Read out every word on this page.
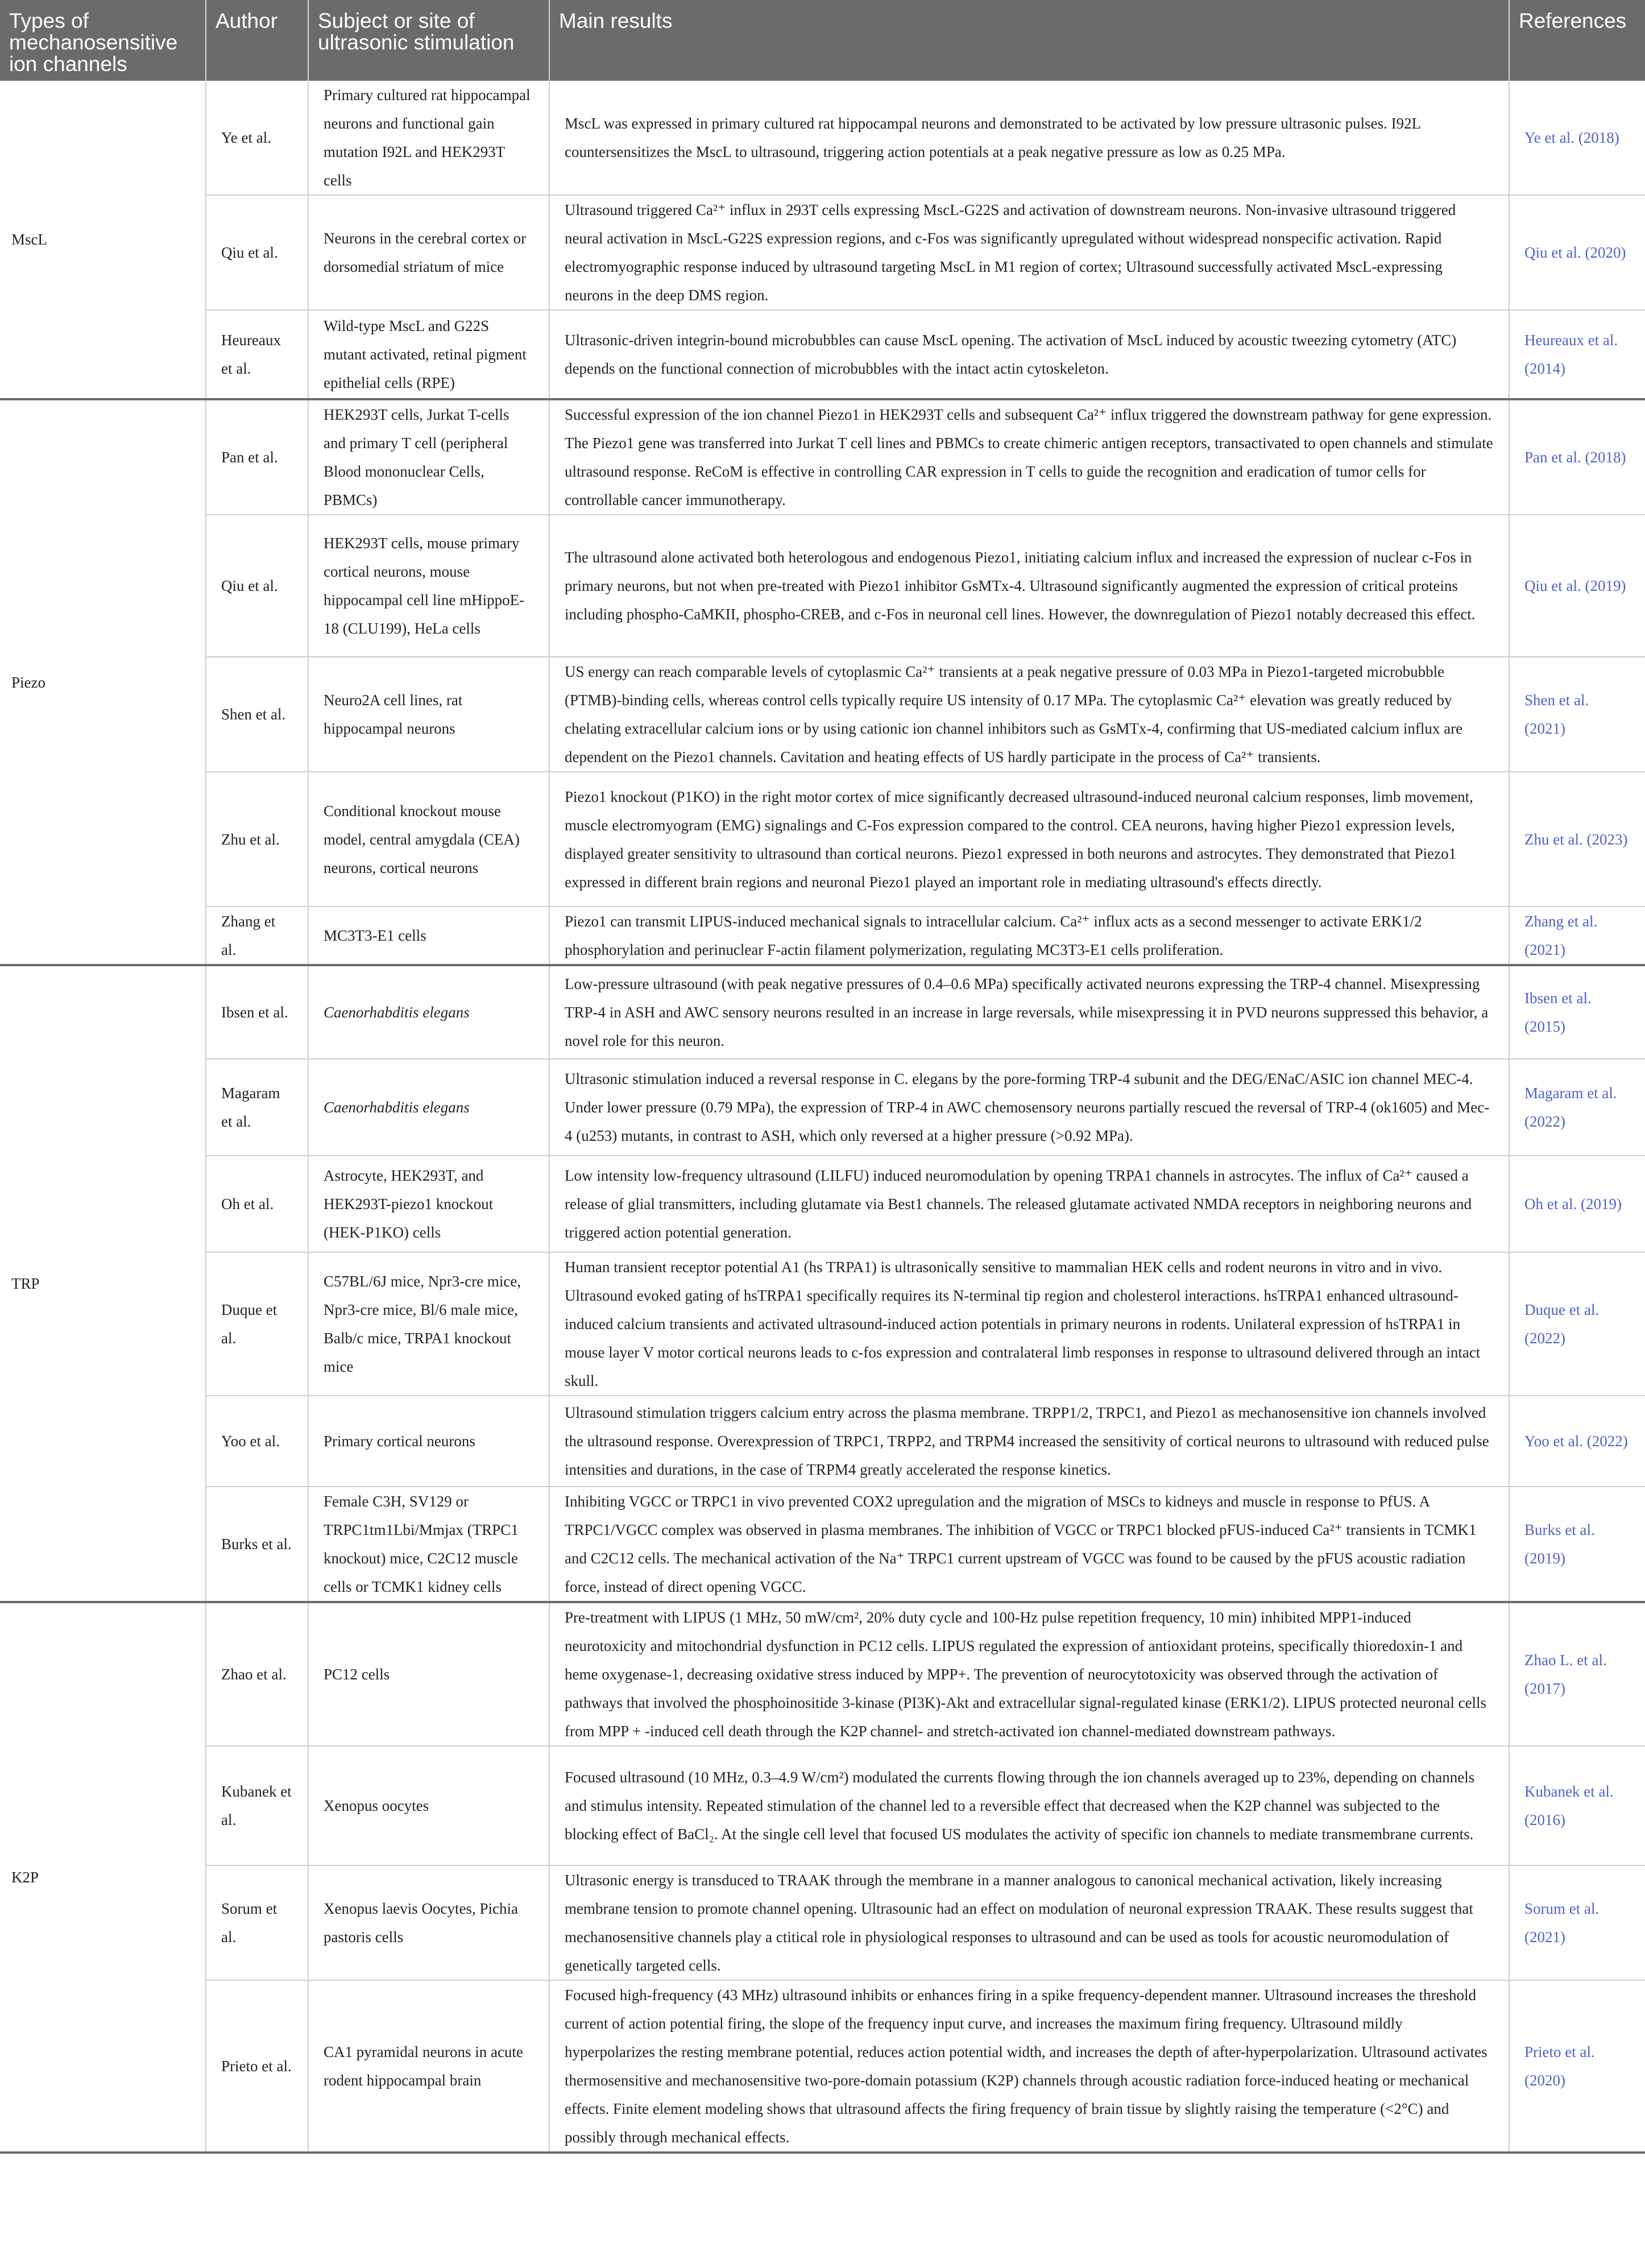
Types of mechanosensitive ion channels	Author	Subject or site of ultrasonic stimulation	Main results	References
MscL	Ye et al.	Primary cultured rat hippocampal neurons and functional gain mutation I92L and HEK293T cells	MscL was expressed in primary cultured rat hippocampal neurons and demonstrated to be activated by low pressure ultrasonic pulses. I92L countersensitizes the MscL to ultrasound, triggering action potentials at a peak negative pressure as low as 0.25 MPa.	Ye et al. (2018)
	Qiu et al.	Neurons in the cerebral cortex or dorsomedial striatum of mice	Ultrasound triggered Ca²⁺ influx in 293T cells expressing MscL-G22S and activation of downstream neurons. Non-invasive ultrasound triggered neural activation in MscL-G22S expression regions, and c-Fos was significantly upregulated without widespread nonspecific activation. Rapid electromyographic response induced by ultrasound targeting MscL in M1 region of cortex; Ultrasound successfully activated MscL-expressing neurons in the deep DMS region.	Qiu et al. (2020)
	Heureaux et al.	Wild-type MscL and G22S mutant activated, retinal pigment epithelial cells (RPE)	Ultrasonic-driven integrin-bound microbubbles can cause MscL opening. The activation of MscL induced by acoustic tweezing cytometry (ATC) depends on the functional connection of microbubbles with the intact actin cytoskeleton.	Heureaux et al. (2014)
Piezo	Pan et al.	HEK293T cells, Jurkat T-cells and primary T cell (peripheral Blood mononuclear Cells, PBMCs)	Successful expression of the ion channel Piezo1 in HEK293T cells and subsequent Ca²⁺ influx triggered the downstream pathway for gene expression. The Piezo1 gene was transferred into Jurkat T cell lines and PBMCs to create chimeric antigen receptors, transactivated to open channels and stimulate ultrasound response. ReCoM is effective in controlling CAR expression in T cells to guide the recognition and eradication of tumor cells for controllable cancer immunotherapy.	Pan et al. (2018)
	Qiu et al.	HEK293T cells, mouse primary cortical neurons, mouse hippocampal cell line mHippoE-18 (CLU199), HeLa cells	The ultrasound alone activated both heterologous and endogenous Piezo1, initiating calcium influx and increased the expression of nuclear c-Fos in primary neurons, but not when pre-treated with Piezo1 inhibitor GsMTx-4. Ultrasound significantly augmented the expression of critical proteins including phospho-CaMKII, phospho-CREB, and c-Fos in neuronal cell lines. However, the downregulation of Piezo1 notably decreased this effect.	Qiu et al. (2019)
	Shen et al.	Neuro2A cell lines, rat hippocampal neurons	US energy can reach comparable levels of cytoplasmic Ca²⁺ transients at a peak negative pressure of 0.03 MPa in Piezo1-targeted microbubble (PTMB)-binding cells, whereas control cells typically require US intensity of 0.17 MPa. The cytoplasmic Ca²⁺ elevation was greatly reduced by chelating extracellular calcium ions or by using cationic ion channel inhibitors such as GsMTx-4, confirming that US-mediated calcium influx are dependent on the Piezo1 channels. Cavitation and heating effects of US hardly participate in the process of Ca²⁺ transients.	Shen et al. (2021)
	Zhu et al.	Conditional knockout mouse model, central amygdala (CEA) neurons, cortical neurons	Piezo1 knockout (P1KO) in the right motor cortex of mice significantly decreased ultrasound-induced neuronal calcium responses, limb movement, muscle electromyogram (EMG) signalings and C-Fos expression compared to the control. CEA neurons, having higher Piezo1 expression levels, displayed greater sensitivity to ultrasound than cortical neurons. Piezo1 expressed in both neurons and astrocytes. They demonstrated that Piezo1 expressed in different brain regions and neuronal Piezo1 played an important role in mediating ultrasound's effects directly.	Zhu et al. (2023)
	Zhang et al.	MC3T3-E1 cells	Piezo1 can transmit LIPUS-induced mechanical signals to intracellular calcium. Ca²⁺ influx acts as a second messenger to activate ERK1/2 phosphorylation and perinuclear F-actin filament polymerization, regulating MC3T3-E1 cells proliferation.	Zhang et al. (2021)
TRP	Ibsen et al.	Caenorhabditis elegans	Low-pressure ultrasound (with peak negative pressures of 0.4–0.6 MPa) specifically activated neurons expressing the TRP-4 channel. Misexpressing TRP-4 in ASH and AWC sensory neurons resulted in an increase in large reversals, while misexpressing it in PVD neurons suppressed this behavior, a novel role for this neuron.	Ibsen et al. (2015)
	Magaram et al.	Caenorhabditis elegans	Ultrasonic stimulation induced a reversal response in C. elegans by the pore-forming TRP-4 subunit and the DEG/ENaC/ASIC ion channel MEC-4. Under lower pressure (0.79 MPa), the expression of TRP-4 in AWC chemosensory neurons partially rescued the reversal of TRP-4 (ok1605) and Mec-4 (u253) mutants, in contrast to ASH, which only reversed at a higher pressure (>0.92 MPa).	Magaram et al. (2022)
	Oh et al.	Astrocyte, HEK293T, and HEK293T-piezo1 knockout (HEK-P1KO) cells	Low intensity low-frequency ultrasound (LILFU) induced neuromodulation by opening TRPA1 channels in astrocytes. The influx of Ca²⁺ caused a release of glial transmitters, including glutamate via Best1 channels. The released glutamate activated NMDA receptors in neighboring neurons and triggered action potential generation.	Oh et al. (2019)
	Duque et al.	C57BL/6J mice, Npr3-cre mice, Npr3-cre mice, Bl/6 male mice, Balb/c mice, TRPA1 knockout mice	Human transient receptor potential A1 (hs TRPA1) is ultrasonically sensitive to mammalian HEK cells and rodent neurons in vitro and in vivo. Ultrasound evoked gating of hsTRPA1 specifically requires its N-terminal tip region and cholesterol interactions. hsTRPA1 enhanced ultrasound-induced calcium transients and activated ultrasound-induced action potentials in primary neurons in rodents. Unilateral expression of hsTRPA1 in mouse layer V motor cortical neurons leads to c-fos expression and contralateral limb responses in response to ultrasound delivered through an intact skull.	Duque et al. (2022)
	Yoo et al.	Primary cortical neurons	Ultrasound stimulation triggers calcium entry across the plasma membrane. TRPP1/2, TRPC1, and Piezo1 as mechanosensitive ion channels involved the ultrasound response. Overexpression of TRPC1, TRPP2, and TRPM4 increased the sensitivity of cortical neurons to ultrasound with reduced pulse intensities and durations, in the case of TRPM4 greatly accelerated the response kinetics.	Yoo et al. (2022)
	Burks et al.	Female C3H, SV129 or TRPC1tm1Lbi/Mmjax (TRPC1 knockout) mice, C2C12 muscle cells or TCMK1 kidney cells	Inhibiting VGCC or TRPC1 in vivo prevented COX2 upregulation and the migration of MSCs to kidneys and muscle in response to PfUS. A TRPC1/VGCC complex was observed in plasma membranes. The inhibition of VGCC or TRPC1 blocked pFUS-induced Ca²⁺ transients in TCMK1 and C2C12 cells. The mechanical activation of the Na⁺ TRPC1 current upstream of VGCC was found to be caused by the pFUS acoustic radiation force, instead of direct opening VGCC.	Burks et al. (2019)
K2P	Zhao et al.	PC12 cells	Pre-treatment with LIPUS (1 MHz, 50 mW/cm², 20% duty cycle and 100-Hz pulse repetition frequency, 10 min) inhibited MPP1-induced neurotoxicity and mitochondrial dysfunction in PC12 cells. LIPUS regulated the expression of antioxidant proteins, specifically thioredoxin-1 and heme oxygenase-1, decreasing oxidative stress induced by MPP+. The prevention of neurocytotoxicity was observed through the activation of pathways that involved the phosphoinositide 3-kinase (PI3K)-Akt and extracellular signal-regulated kinase (ERK1/2). LIPUS protected neuronal cells from MPP + -induced cell death through the K2P channel- and stretch-activated ion channel-mediated downstream pathways.	Zhao L. et al. (2017)
	Kubanek et al.	Xenopus oocytes	Focused ultrasound (10 MHz, 0.3–4.9 W/cm²) modulated the currents flowing through the ion channels averaged up to 23%, depending on channels and stimulus intensity. Repeated stimulation of the channel led to a reversible effect that decreased when the K2P channel was subjected to the blocking effect of BaCl₂. At the single cell level that focused US modulates the activity of specific ion channels to mediate transmembrane currents.	Kubanek et al. (2016)
	Sorum et al.	Xenopus laevis Oocytes, Pichia pastoris cells	Ultrasonic energy is transduced to TRAAK through the membrane in a manner analogous to canonical mechanical activation, likely increasing membrane tension to promote channel opening. Ultrasounic had an effect on modulation of neuronal expression TRAAK. These results suggest that mechanosensitive channels play a ctitical role in physiological responses to ultrasound and can be used as tools for acoustic neuromodulation of genetically targeted cells.	Sorum et al. (2021)
	Prieto et al.	CA1 pyramidal neurons in acute rodent hippocampal brain	Focused high-frequency (43 MHz) ultrasound inhibits or enhances firing in a spike frequency-dependent manner. Ultrasound increases the threshold current of action potential firing, the slope of the frequency input curve, and increases the maximum firing frequency. Ultrasound mildly hyperpolarizes the resting membrane potential, reduces action potential width, and increases the depth of after-hyperpolarization. Ultrasound activates thermosensitive and mechanosensitive two-pore-domain potassium (K2P) channels through acoustic radiation force-induced heating or mechanical effects. Finite element modeling shows that ultrasound affects the firing frequency of brain tissue by slightly raising the temperature (<2°C) and possibly through mechanical effects.	Prieto et al. (2020)
